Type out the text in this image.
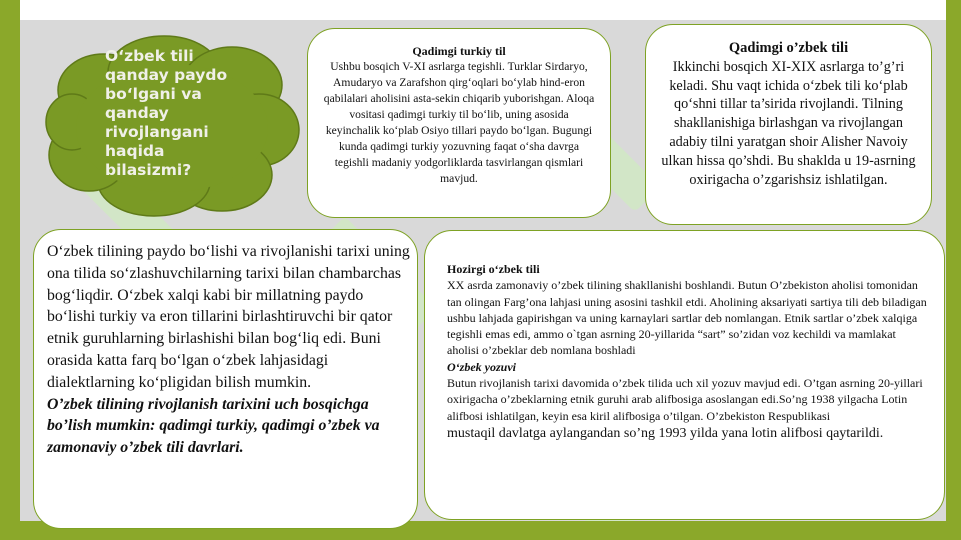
O‘zbek tili qanday paydo bo‘lgani va qanday rivojlangani haqida bilasizmi?
Qadimgi turkiy til
Ushbu bosqich V-XI asrlarga tegishli. Turklar Sirdaryo, Amudaryo va Zarafshon qirg‘oqlari bo‘ylab hind-eron qabilalari aholisini asta-sekin chiqarib yuborishgan. Aloqa vositasi qadimgi turkiy til bo‘lib, uning asosida keyinchalik ko‘plab Osiyo tillari paydo bo‘lgan. Bugungi kunda qadimgi turkiy yozuvning faqat o‘sha davrga tegishli madaniy yodgorliklarda tasvirlangan qismlari mavjud.
Qadimgi o’zbek tili
Ikkinchi bosqich XI-XIX asrlarga to’g’ri keladi. Shu vaqt ichida o‘zbek tili ko‘plab qo‘shni tillar ta’sirida rivojlandi. Tilning shakllanishiga birlashgan va rivojlangan adabiy tilni yaratgan shoir Alisher Navoiy ulkan hissa qo’shdi. Bu shaklda u 19-asrning oxirigacha o’zgarishsiz ishlatilgan.
O‘zbek tilining paydo bo‘lishi va rivojlanishi tarixi uning ona tilida so‘zlashuvchilarning tarixi bilan chambarchas bog‘liqdir. O‘zbek xalqi kabi bir millatning paydo bo‘lishi turkiy va eron tillarini birlashtiruvchi bir qator etnik guruhlarning birlashishi bilan bog‘liq edi. Buni orasida katta farq bo‘lgan o‘zbek lahjasidagi dialektlarning ko‘pligidan bilish mumkin.
O’zbek tilining rivojlanish tarixini uch bosqichga bo’lish mumkin: qadimgi turkiy, qadimgi o’zbek va zamonaviy o’zbek tili davrlari.
Hozirgi o‘zbek tili
XX asrda zamonaviy o’zbek tilining shakllanishi boshlandi. Butun O’zbekiston aholisi tomonidan tan olingan Farg’ona lahjasi uning asosini tashkil etdi. Aholining aksariyati sartiya tili deb biladigan ushbu lahjada gapirishgan va uning karnaylari sartlar deb nomlangan. Etnik sartlar o’zbek xalqiga tegishli emas edi, ammo o`tgan asrning 20-yillarida “sart” so’zidan voz kechildi va mamlakat aholisi o’zbeklar deb nomlana boshladi
O‘zbek yozuvi
Butun rivojlanish tarixi davomida o’zbek tilida uch xil yozuv mavjud edi. O’tgan asrning 20-yillari oxirigacha o’zbeklarning etnik guruhi arab alifbosiga asoslangan edi.So’ng 1938 yilgacha Lotin alifbosi ishlatilgan, keyin esa kiril alifbosiga o’tilgan. O’zbekiston Respublikasi
mustaqil davlatga aylangandan so’ng 1993 yilda yana lotin alifbosi qaytarildi.
